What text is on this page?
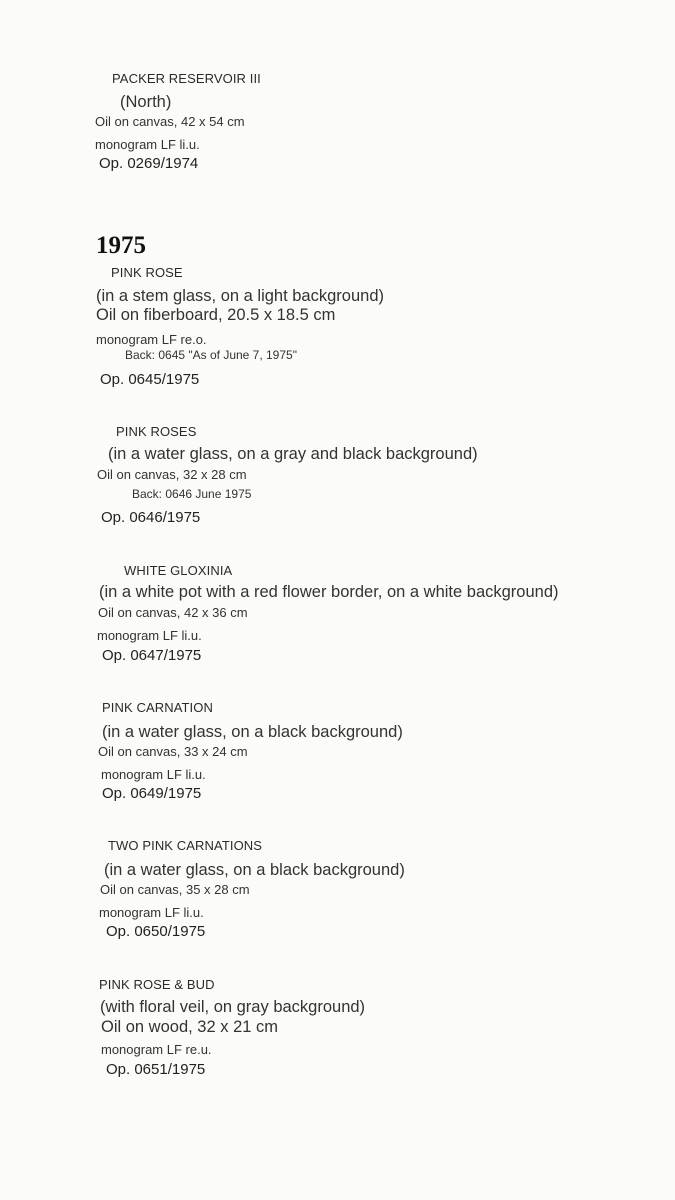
PACKER RESERVOIR III
(North)
Oil on canvas, 42 x 54 cm
monogram LF li.u.
Op. 0269/1974
1975
PINK ROSE
(in a stem glass, on a light background)
Oil on fiberboard, 20.5 x 18.5 cm
monogram LF re.o.
Back: 0645 "As of June 7, 1975"
Op. 0645/1975
PINK ROSES
(in a water glass, on a gray and black background)
Oil on canvas, 32 x 28 cm
Back: 0646 June 1975
Op. 0646/1975
WHITE GLOXINIA
(in a white pot with a red flower border, on a white background)
Oil on canvas, 42 x 36 cm
monogram LF li.u.
Op. 0647/1975
PINK CARNATION
(in a water glass, on a black background)
Oil on canvas, 33 x 24 cm
monogram LF li.u.
Op. 0649/1975
TWO PINK CARNATIONS
(in a water glass, on a black background)
Oil on canvas, 35 x 28 cm
monogram LF li.u.
Op. 0650/1975
PINK ROSE & BUD
(with floral veil, on gray background)
Oil on wood, 32 x 21 cm
monogram LF re.u.
Op. 0651/1975
